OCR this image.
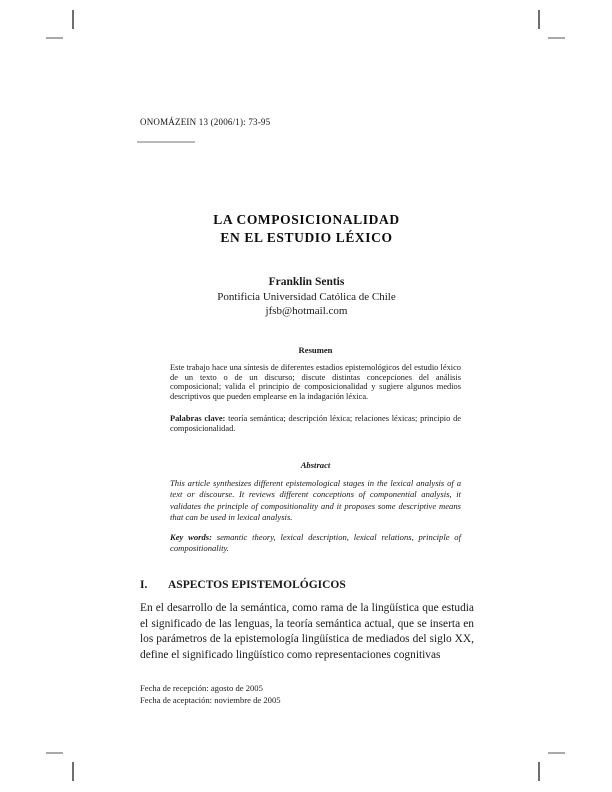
ONOMÁZEIN 13 (2006/1): 73-95
LA COMPOSICIONALIDAD
EN EL ESTUDIO LÉXICO
Franklin Sentis
Pontificia Universidad Católica de Chile
jfsb@hotmail.com
Resumen

Este trabajo hace una síntesis de diferentes estadios epistemológicos del estudio léxico de un texto o de un discurso; discute distintas concepciones del análisis composicional; valida el principio de composicionalidad y sugiere algunos medios descriptivos que pueden emplearse en la indagación léxica.

Palabras clave: teoría semántica; descripción léxica; relaciones léxicas; principio de composicionalidad.

Abstract

This article synthesizes different epistemological stages in the lexical analysis of a text or discourse. It reviews different conceptions of componential analysis, it validates the principle of compositionality and it proposes some descriptive means that can be used in lexical analysis.

Key words: semantic theory, lexical description, lexical relations, principle of compositionality.

I.	ASPECTOS EPISTEMOLÓGICOS
En el desarrollo de la semántica, como rama de la lingüística que estudia el significado de las lenguas, la teoría semántica actual, que se inserta en los parámetros de la epistemología lingüística de mediados del siglo XX, define el significado lingüístico como representaciones cognitivas
Fecha de recepción: agosto de 2005
Fecha de aceptación: noviembre de 2005
